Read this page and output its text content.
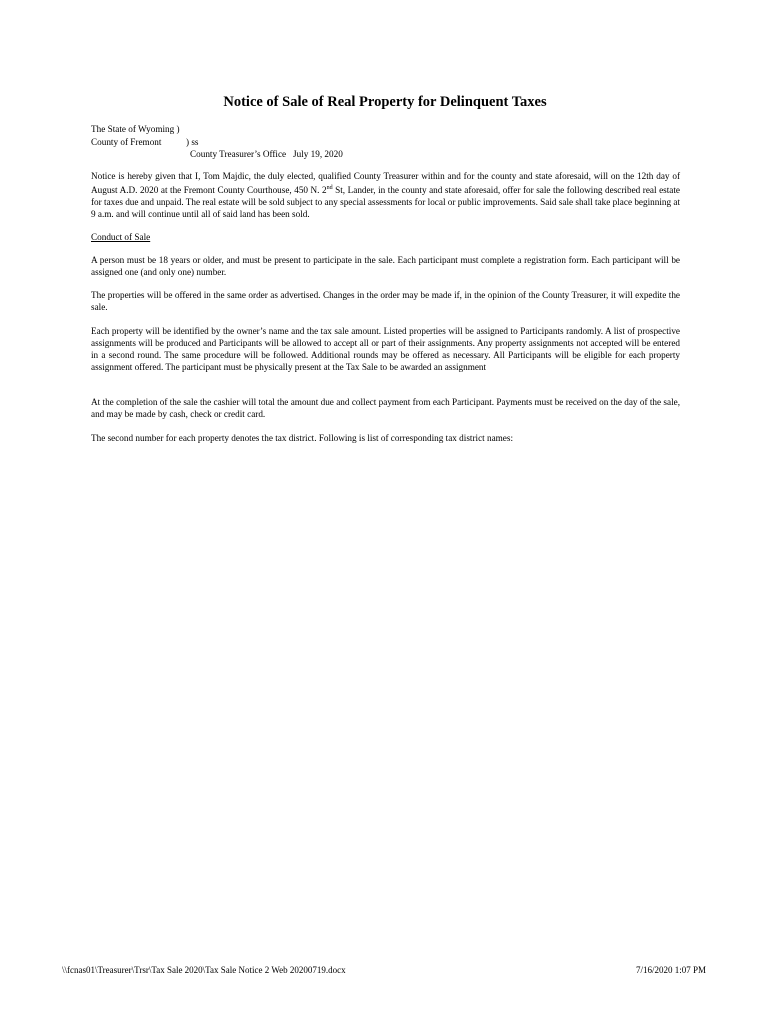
Notice of Sale of Real Property for Delinquent Taxes
The State of Wyoming )
County of Fremont	) ss
County Treasurer’s Office July 19, 2020
Notice is hereby given that I, Tom Majdic, the duly elected, qualified County Treasurer within and for the county and state aforesaid, will on the 12th day of August A.D. 2020 at the Fremont County Courthouse, 450 N. 2nd St, Lander, in the county and state aforesaid, offer for sale the following described real estate for taxes due and unpaid. The real estate will be sold subject to any special assessments for local or public improvements. Said sale shall take place beginning at 9 a.m. and will continue until all of said land has been sold.
Conduct of Sale
A person must be 18 years or older, and must be present to participate in the sale. Each participant must complete a registration form. Each participant will be assigned one (and only one) number.
The properties will be offered in the same order as advertised. Changes in the order may be made if, in the opinion of the County Treasurer, it will expedite the sale.
Each property will be identified by the owner’s name and the tax sale amount. Listed properties will be assigned to Participants randomly. A list of prospective assignments will be produced and Participants will be allowed to accept all or part of their assignments. Any property assignments not accepted will be entered in a second round. The same procedure will be followed. Additional rounds may be offered as necessary. All Participants will be eligible for each property assignment offered. The participant must be physically present at the Tax Sale to be awarded an assignment
At the completion of the sale the cashier will total the amount due and collect payment from each Participant. Payments must be received on the day of the sale, and may be made by cash, check or credit card.
The second number for each property denotes the tax district. Following is list of corresponding tax district names:
\\fcnas01\Treasurer\Trsr\Tax Sale 2020\Tax Sale Notice 2 Web 20200719.docx	7/16/2020 1:07 PM
